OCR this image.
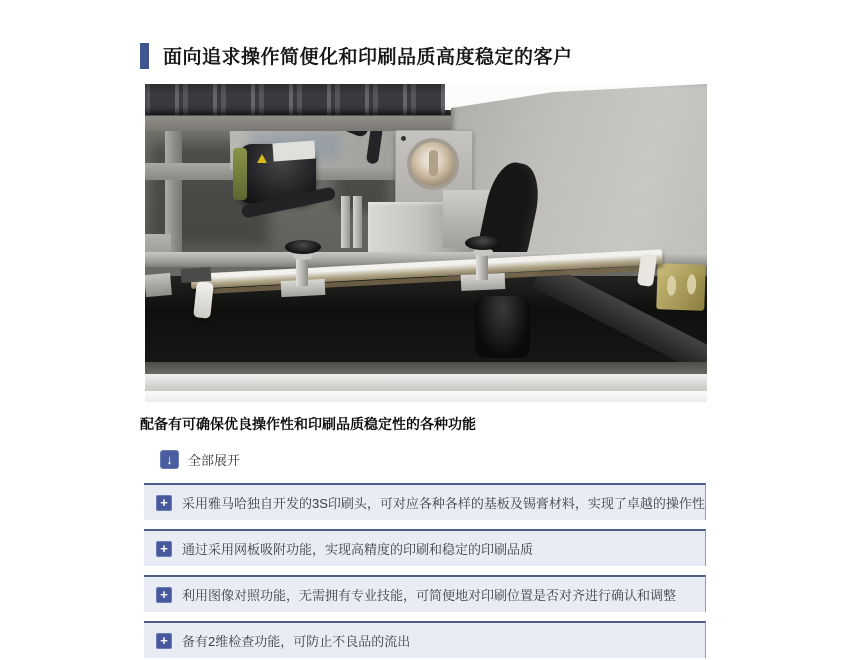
面向追求操作简便化和印刷品质高度稳定的客户
配备有可确保优良操作性和印刷品质稳定性的各种功能
↓	全部展开
+	采用雅马哈独自开发的3S印刷头，可对应各种各样的基板及锡膏材料，实现了卓越的操作性
+	通过采用网板吸附功能，实现高精度的印刷和稳定的印刷品质
+	利用图像对照功能，无需拥有专业技能，可简便地对印刷位置是否对齐进行确认和调整
+	备有2维检查功能，可防止不良品的流出
